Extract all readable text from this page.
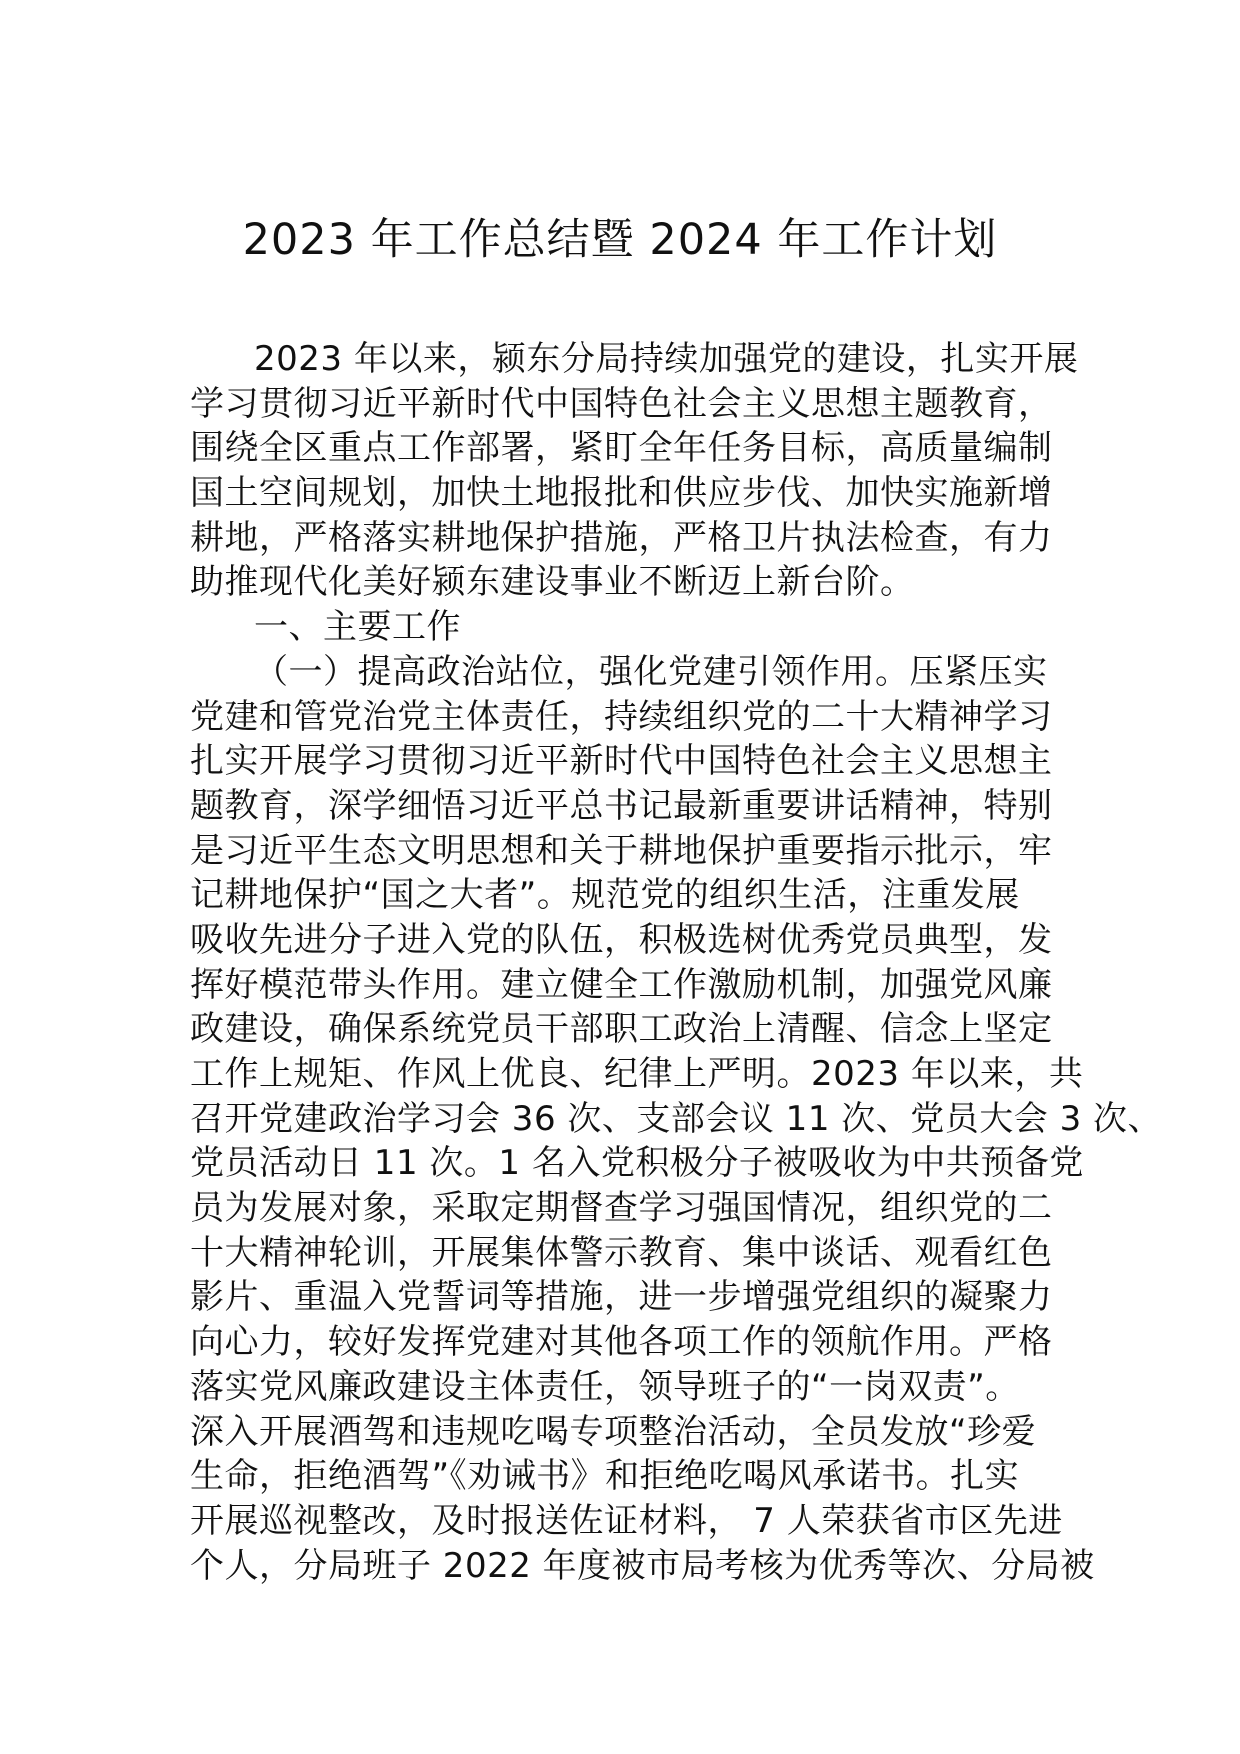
2023 年工作总结暨 2024 年工作计划
2023 年以来，颍东分局持续加强党的建设，扎实开展
学习贯彻习近平新时代中国特色社会主义思想主题教育，
围绕全区重点工作部署，紧盯全年任务目标，高质量编制
国土空间规划，加快土地报批和供应步伐、加快实施新增
耕地，严格落实耕地保护措施，严格卫片执法检查，有力
助推现代化美好颍东建设事业不断迈上新台阶。
一、主要工作
（一）提高政治站位，强化党建引领作用。压紧压实
党建和管党治党主体责任，持续组织党的二十大精神学习
扎实开展学习贯彻习近平新时代中国特色社会主义思想主
题教育，深学细悟习近平总书记最新重要讲话精神，特别
是习近平生态文明思想和关于耕地保护重要指示批示，牢
记耕地保护“国之大者”。规范党的组织生活，注重发展
吸收先进分子进入党的队伍，积极选树优秀党员典型，发
挥好模范带头作用。建立健全工作激励机制，加强党风廉
政建设，确保系统党员干部职工政治上清醒、信念上坚定
工作上规矩、作风上优良、纪律上严明。2023 年以来，共
召开党建政治学习会 36 次、支部会议 11 次、党员大会 3 次、
党员活动日 11 次。1 名入党积极分子被吸收为中共预备党
员为发展对象，采取定期督查学习强国情况，组织党的二
十大精神轮训，开展集体警示教育、集中谈话、观看红色
影片、重温入党誓词等措施，进一步增强党组织的凝聚力
向心力，较好发挥党建对其他各项工作的领航作用。严格
落实党风廉政建设主体责任，领导班子的“一岗双责”。
深入开展酒驾和违规吃喝专项整治活动，全员发放“珍爱
生命，拒绝酒驾”《劝诫书》和拒绝吃喝风承诺书。扎实
开展巡视整改，及时报送佐证材料， 7 人荣获省市区先进
个人，分局班子 2022 年度被市局考核为优秀等次、分局被
